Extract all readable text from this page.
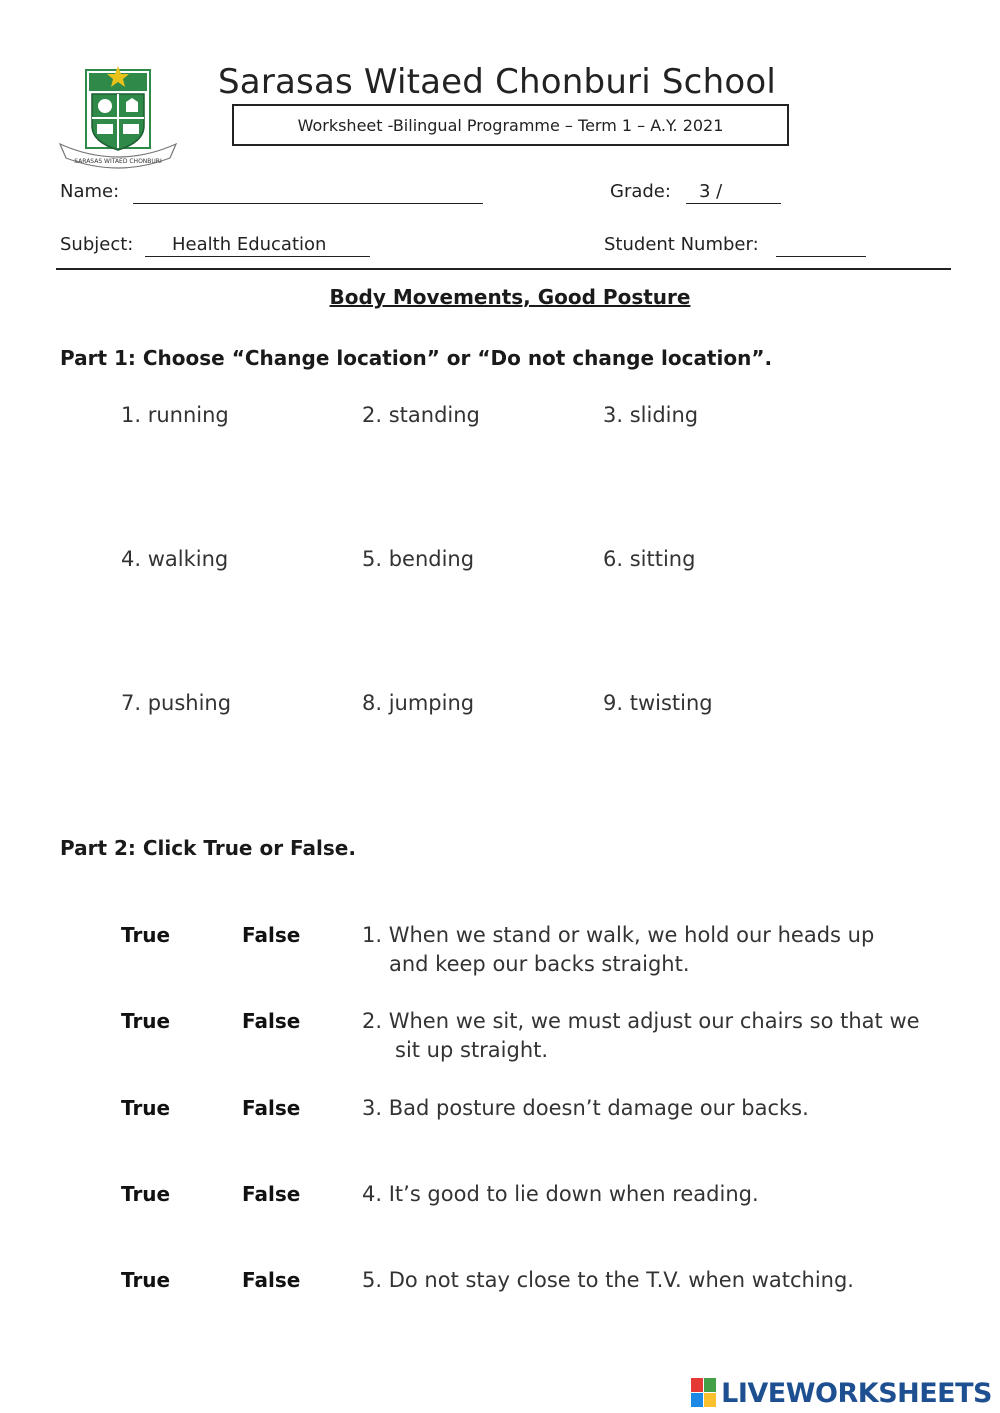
SARASAS WITAED CHONBURI
Sarasas Witaed Chonburi School
Worksheet -Bilingual Programme – Term 1 – A.Y. 2021
Name:	Grade: 3 /
Subject: Health Education	Student Number:
Body Movements, Good Posture
Part 1: Choose “Change location” or “Do not change location”.
1. running	2. standing	3. sliding
4. walking	5. bending	6. sitting
7. pushing	8. jumping	9. twisting
Part 2: Click True or False.
True	False	1. When we stand or walk, we hold our heads up
and keep our backs straight.
True	False	2. When we sit, we must adjust our chairs so that we
sit up straight.
True	False	3. Bad posture doesn’t damage our backs.
True	False	4. It’s good to lie down when reading.
True	False	5. Do not stay close to the T.V. when watching.
LIVEWORKSHEETS
